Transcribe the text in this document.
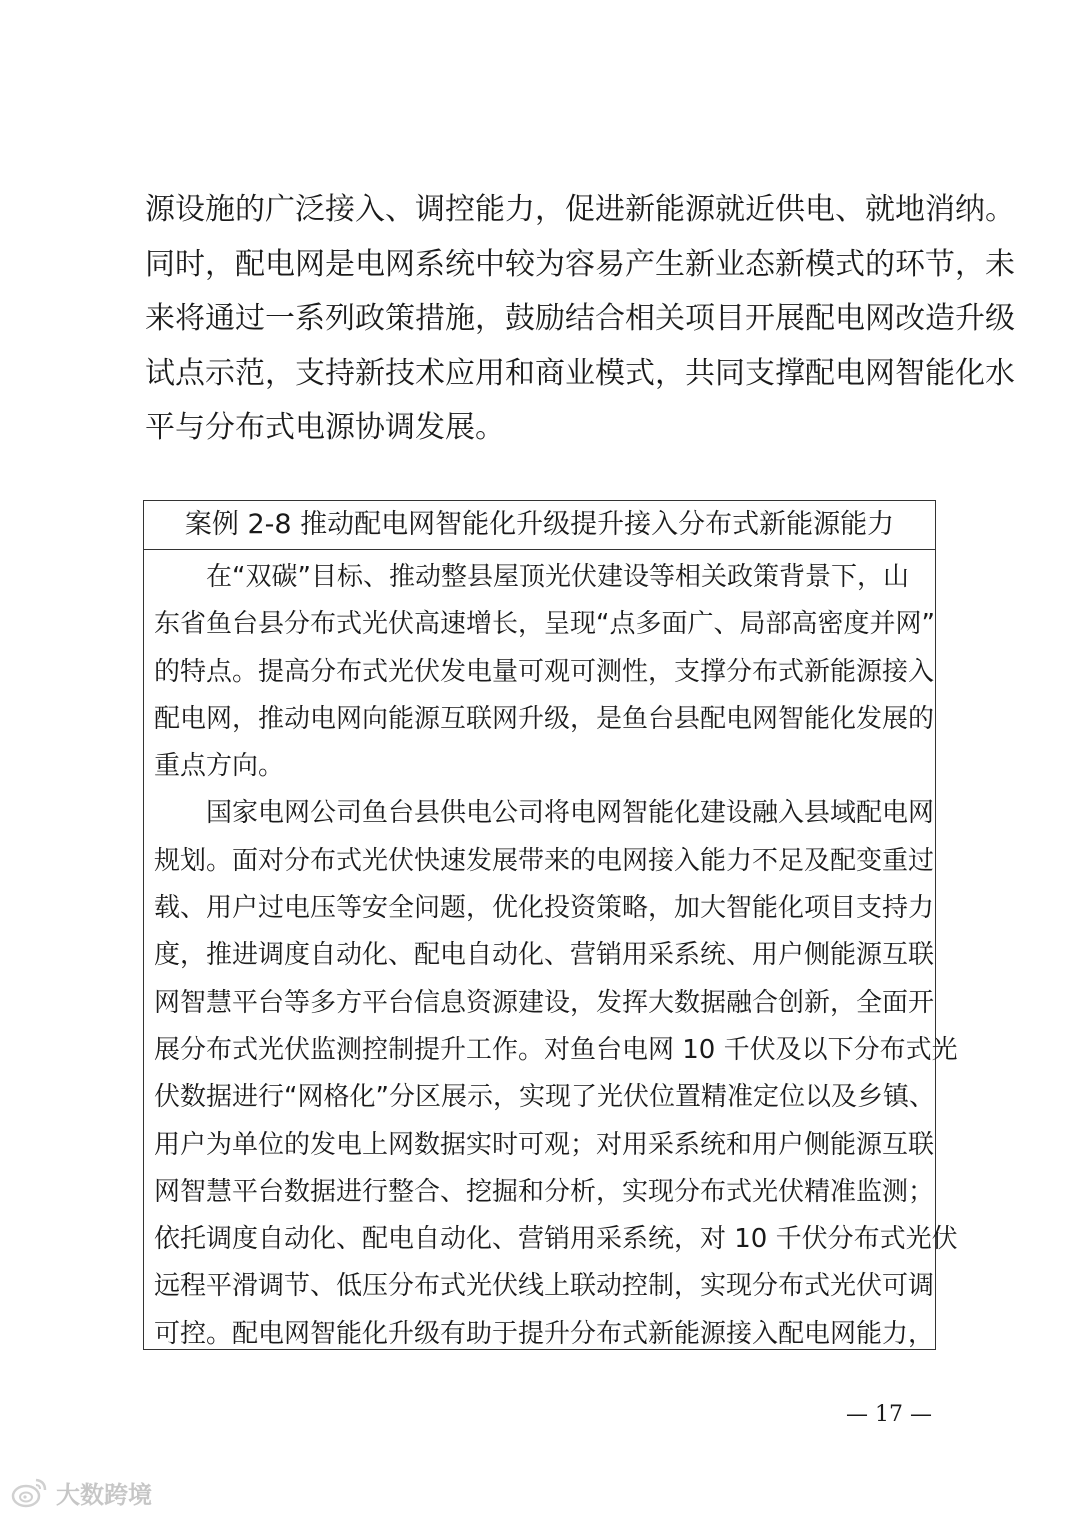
源设施的广泛接入、调控能力，促进新能源就近供电、就地消纳。
同时，配电网是电网系统中较为容易产生新业态新模式的环节，未
来将通过一系列政策措施，鼓励结合相关项目开展配电网改造升级
试点示范，支持新技术应用和商业模式，共同支撑配电网智能化水
平与分布式电源协调发展。
案例 2-8 推动配电网智能化升级提升接入分布式新能源能力
在“双碳”目标、推动整县屋顶光伏建设等相关政策背景下，山
东省鱼台县分布式光伏高速增长，呈现“点多面广、局部高密度并网”
的特点。提高分布式光伏发电量可观可测性，支撑分布式新能源接入
配电网，推动电网向能源互联网升级，是鱼台县配电网智能化发展的
重点方向。
国家电网公司鱼台县供电公司将电网智能化建设融入县域配电网
规划。面对分布式光伏快速发展带来的电网接入能力不足及配变重过
载、用户过电压等安全问题，优化投资策略，加大智能化项目支持力
度，推进调度自动化、配电自动化、营销用采系统、用户侧能源互联
网智慧平台等多方平台信息资源建设，发挥大数据融合创新，全面开
展分布式光伏监测控制提升工作。对鱼台电网 10 千伏及以下分布式光
伏数据进行“网格化”分区展示，实现了光伏位置精准定位以及乡镇、
用户为单位的发电上网数据实时可观；对用采系统和用户侧能源互联
网智慧平台数据进行整合、挖掘和分析，实现分布式光伏精准监测；
依托调度自动化、配电自动化、营销用采系统，对 10 千伏分布式光伏
远程平滑调节、低压分布式光伏线上联动控制，实现分布式光伏可调
可控。配电网智能化升级有助于提升分布式新能源接入配电网能力，
— 17 —
大数跨境
